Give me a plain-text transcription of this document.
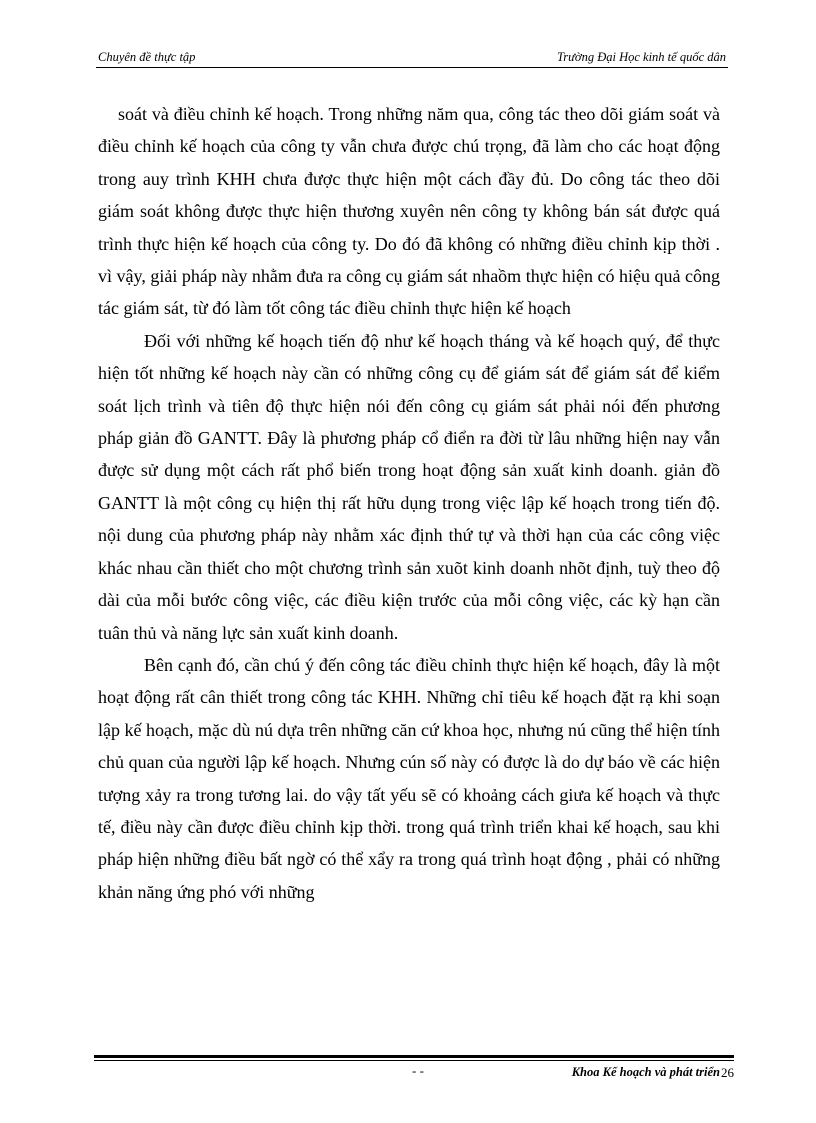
Chuyên đề thực tập	Trường Đại Học kinh tế quốc dân

soát và điều chỉnh kế hoạch. Trong những năm qua, công tác theo dõi giám soát và điều chỉnh kế hoạch của công ty vẫn chưa được chú trọng, đã làm cho các hoạt động trong auy trình KHH chưa được thực hiện một cách đầy đủ. Do công tác theo dõi giám soát không được thực hiện thương xuyên nên công ty không bán sát được quá trình thực hiện kế hoạch của công ty. Do đó đã không có những điều chỉnh kịp thời . vì vậy, giải pháp này nhằm đưa ra công cụ giám sát nhaồm thực hiện có hiệu quả công tác giám sát, từ đó làm tốt công tác điều chỉnh thực hiện kế hoạch

Đối với những kế hoạch tiến độ như kế hoạch tháng và kế hoạch quý, để thực hiện tốt những kế hoạch này cần có những công cụ để giám sát để giám sát để kiểm soát lịch trình và tiên độ thực hiện nói đến công cụ giám sát phải nói đến phương pháp giản đồ GANTT. Đây là phương pháp cổ điển ra đời từ lâu những hiện nay vẫn được sử dụng một cách rất phổ biến trong hoạt động sản xuất kinh doanh. giản đồ GANTT là một công cụ hiện thị rất hữu dụng trong việc lập kế hoạch trong tiến độ. nội dung của phương pháp này nhằm xác định thứ tự và thời hạn của các công việc khác nhau cần thiết cho một chương trình sản xuõt kinh doanh nhõt định, tuỳ theo độ dài của mỗi bước công việc, các điều kiện trước của mỗi công việc, các kỳ hạn cần tuân thủ và năng lực sản xuất kinh doanh.

Bên cạnh đó, cần chú ý đến công tác điều chỉnh thực hiện kế hoạch, đây là một hoạt động rất cân thiết trong công tác KHH. Những chỉ tiêu kế hoạch đặt rạ khi soạn lập kế hoạch, mặc dù nú dựa trên những căn cứ khoa học, nhưng nú cũng thể hiện tính chủ quan của người lập kế hoạch. Nhưng cún số này có được là do dự báo về các hiện tượng xảy ra trong tương lai. do vậy tất yếu sẽ có khoảng cách giưa kế hoạch và thực tế, điều này cần được điều chỉnh kịp thời. trong quá trình triển khai kế hoạch, sau khi pháp hiện những điều bất ngờ có thể xẩy ra trong quá trình hoạt động , phải có những khản năng ứng phó với những

- -	Khoa Kế hoạch và phát triển 26
